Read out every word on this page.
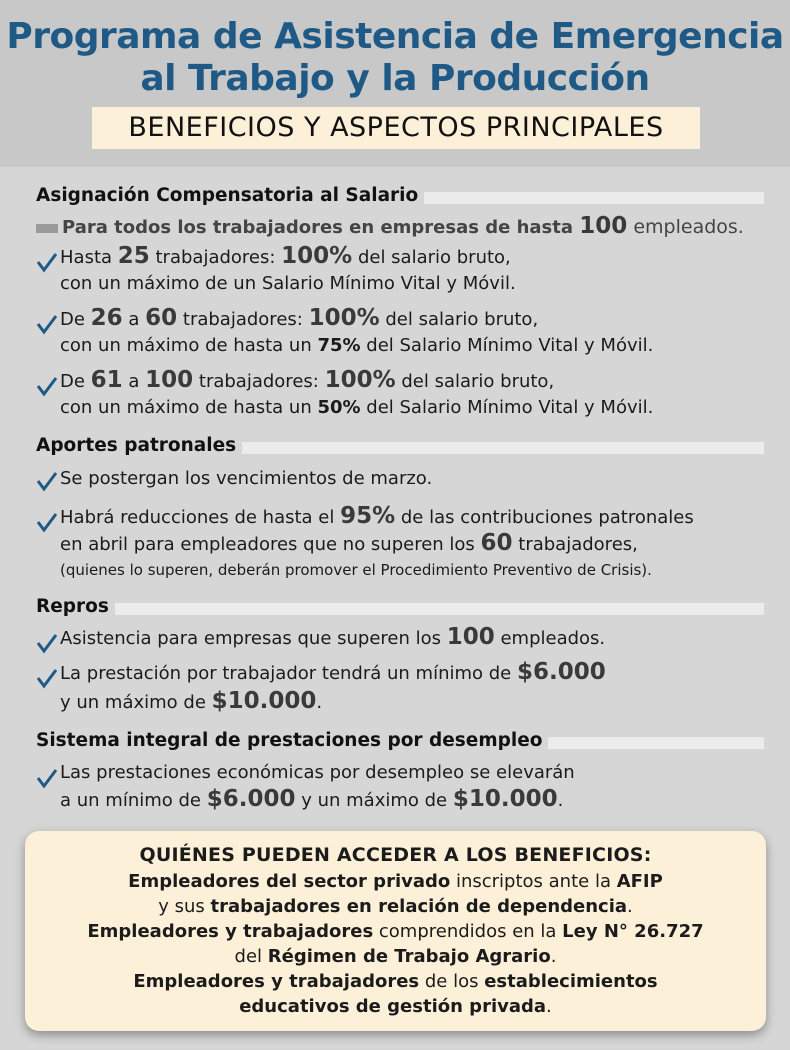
Programa de Asistencia de Emergencia
al Trabajo y la Producción
BENEFICIOS Y ASPECTOS PRINCIPALES
Asignación Compensatoria al Salario
Para todos los trabajadores en empresas de hasta 100 empleados.
Hasta 25 trabajadores: 100% del salario bruto,
con un máximo de un Salario Mínimo Vital y Móvil.
De 26 a 60 trabajadores: 100% del salario bruto,
con un máximo de hasta un 75% del Salario Mínimo Vital y Móvil.
De 61 a 100 trabajadores: 100% del salario bruto,
con un máximo de hasta un 50% del Salario Mínimo Vital y Móvil.
Aportes patronales
Se postergan los vencimientos de marzo.
Habrá reducciones de hasta el 95% de las contribuciones patronales
en abril para empleadores que no superen los 60 trabajadores,
(quienes lo superen, deberán promover el Procedimiento Preventivo de Crisis).
Repros
Asistencia para empresas que superen los 100 empleados.
La prestación por trabajador tendrá un mínimo de $6.000
y un máximo de $10.000.
Sistema integral de prestaciones por desempleo
Las prestaciones económicas por desempleo se elevarán
a un mínimo de $6.000 y un máximo de $10.000.
QUIÉNES PUEDEN ACCEDER A LOS BENEFICIOS:
Empleadores del sector privado inscriptos ante la AFIP
y sus trabajadores en relación de dependencia.
Empleadores y trabajadores comprendidos en la Ley N° 26.727
del Régimen de Trabajo Agrario.
Empleadores y trabajadores de los establecimientos
educativos de gestión privada.
